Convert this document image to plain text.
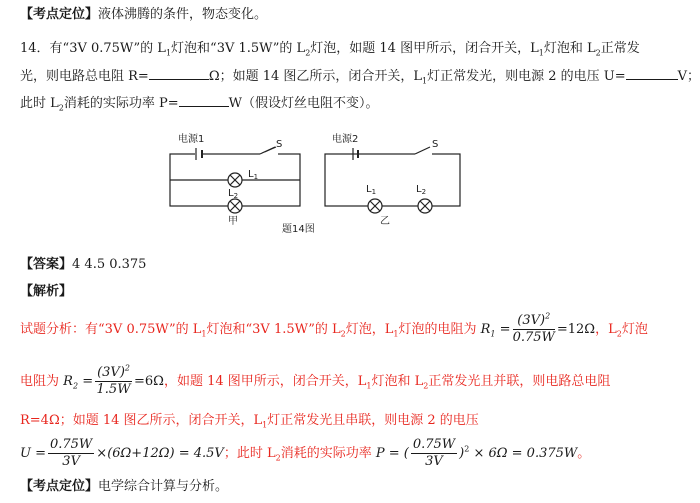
【考点定位】液体沸腾的条件，物态变化。
14．有“3V 0.75W”的 $L_1$灯泡和“3V 1.5W”的 $L_2$灯泡，如题 14 图甲所示，闭合开关，$L_1$灯泡和 $L_2$正常发
光，则电路总电阻 R=	Ω；如题 14 图乙所示，闭合开关，$L_1$灯正常发光，则电源 2 的电压 U=	V；
此时 $L_2$消耗的实际功率 P=	W（假设灯丝电阻不变）。
电源1	S
$L_1$
$L_2$
甲
电源2	S
$L_1$	$L_2$
乙
题14图
【答案】4 4.5 0.375
【解析】
试题分析：有“3V 0.75W”的 $L_1$灯泡和“3V 1.5W”的 $L_2$灯泡，$L_1$灯泡的电阻为 $R_1 = \frac{(3V)^2}{0.75W} =12\Omega$，$L_2$灯泡
电阻为 $R_2 = \frac{(3V)^2}{1.5W} =6\Omega$，如题 14 图甲所示，闭合开关，$L_1$灯泡和 $L_2$正常发光且并联，则电路总电阻
R=4Ω；如题 14 图乙所示，闭合开关，$L_1$灯正常发光且串联，则电源 2 的电压
$U = \frac{0.75W}{3V} \times(6\Omega+12\Omega) = 4.5V$；此时 $L_2$消耗的实际功率 P = ( $\frac{0.75W}{3V} )^2 \times 6\Omega = 0.375W$。
【考点定位】电学综合计算与分析。
